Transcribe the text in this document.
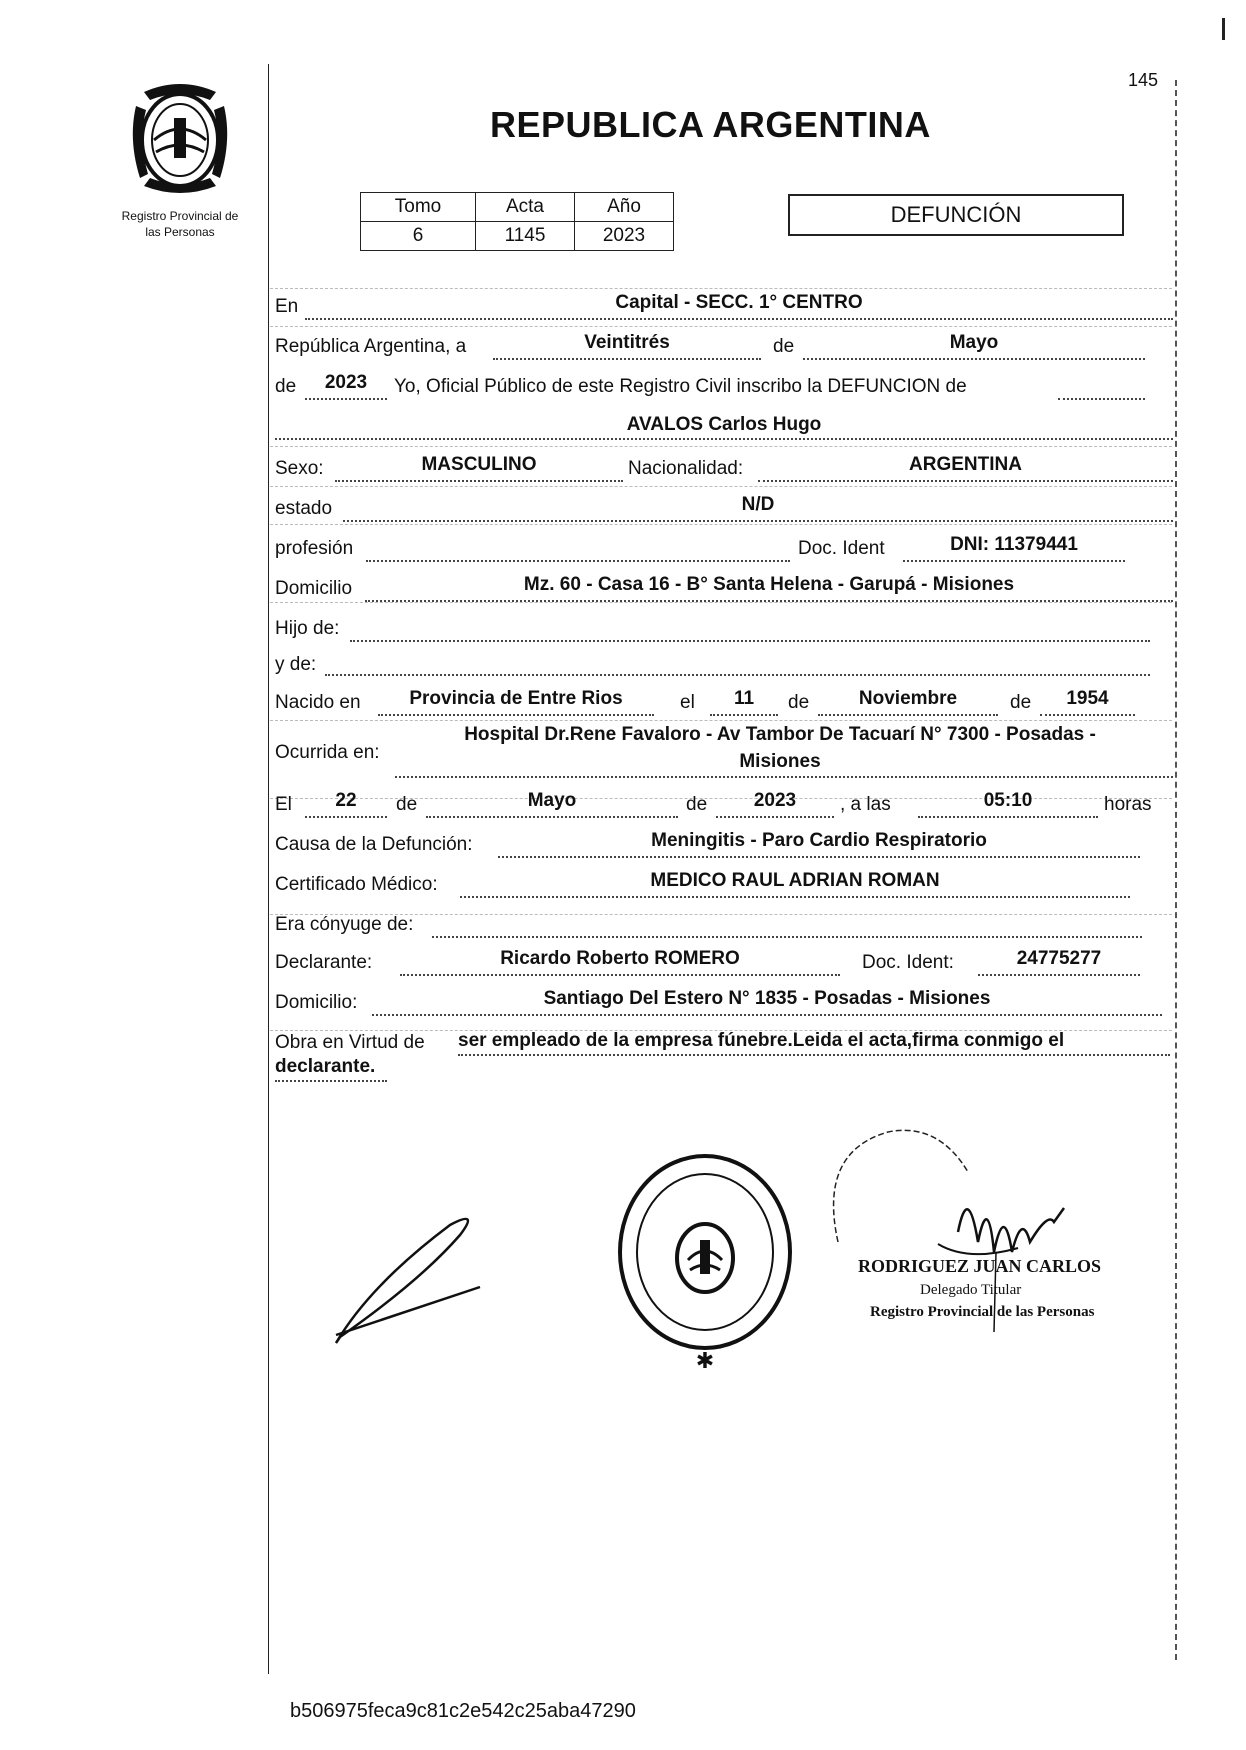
145
Registro Provincial de
las Personas
REPUBLICA ARGENTINA
Tomo	Acta	Año
6	1145	2023
DEFUNCIÓN
En	Capital - SECC. 1° CENTRO
República Argentina, a	Veintitrés	de	Mayo
de	2023	Yo, Oficial Público de este Registro Civil inscribo la DEFUNCION de
AVALOS Carlos Hugo
Sexo:	MASCULINO	Nacionalidad:	ARGENTINA
estado	N/D
profesión	Doc. Ident	DNI: 11379441
Domicilio	Mz. 60 - Casa 16 - B° Santa Helena - Garupá - Misiones
Hijo de:
y de:
Nacido en	Provincia de Entre Rios	el	11	de	Noviembre	de	1954
Ocurrida en:
Hospital Dr.Rene Favaloro - Av Tambor De Tacuarí N° 7300 - Posadas -
Misiones
El	22	de	Mayo	de	2023	, a las	05:10	horas
Causa de la Defunción:	Meningitis - Paro Cardio Respiratorio
Certificado Médico:	MEDICO RAUL ADRIAN ROMAN
Era cónyuge de:
Declarante:	Ricardo Roberto ROMERO	Doc. Ident:	24775277
Domicilio:	Santiago Del Estero N° 1835 - Posadas - Misiones
Obra en Virtud de ser empleado de la empresa fúnebre.Leida el acta,firma conmigo el
declarante.
✱
RODRIGUEZ JUAN CARLOS
Delegado Titular
Registro Provincial de las Personas
b506975feca9c81c2e542c25aba47290
